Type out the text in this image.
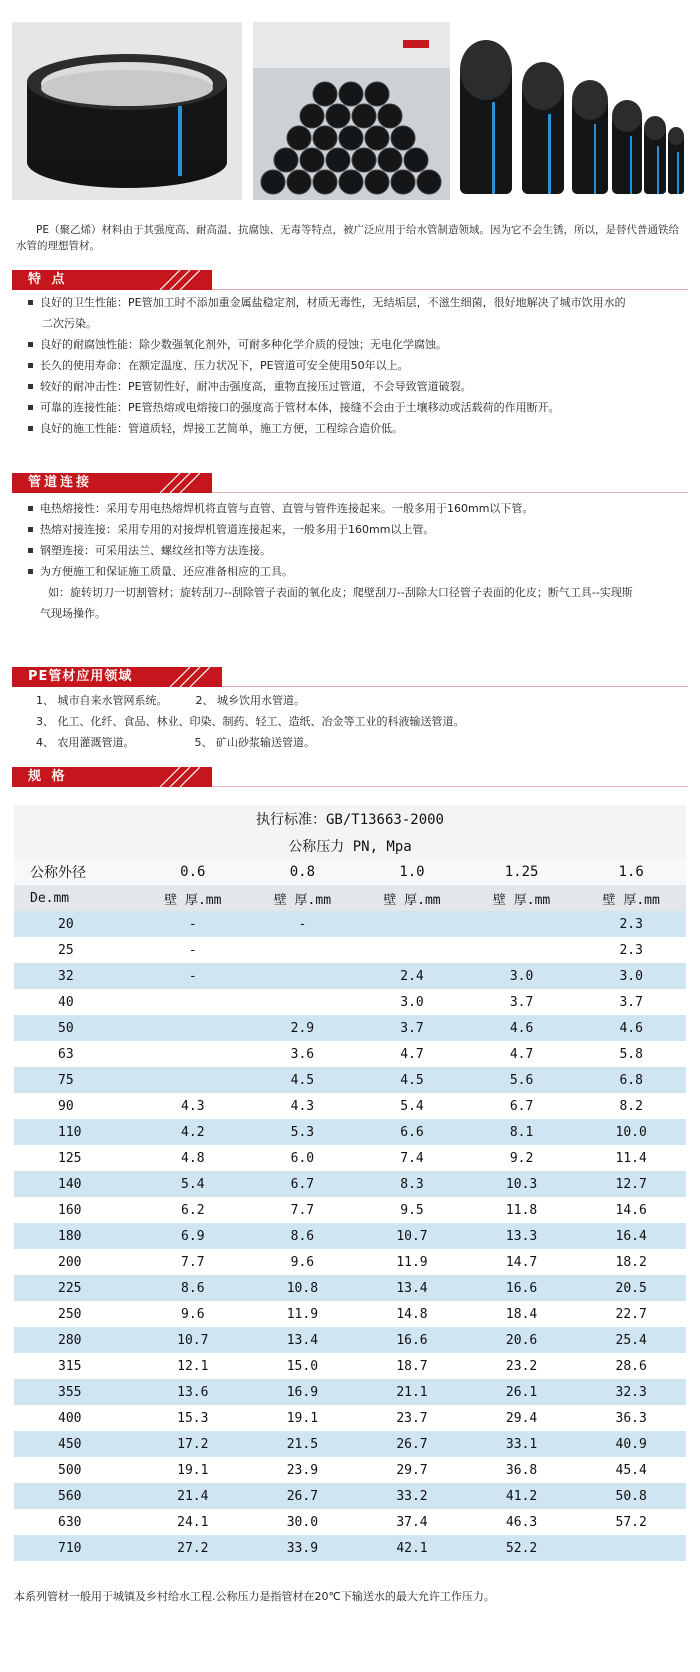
PE（聚乙烯）材料由于其强度高、耐高温、抗腐蚀、无毒等特点，被广泛应用于给水管制造领域。因为它不会生锈，所以，是替代普通铁给水管的理想管材。
特 点
良好的卫生性能：PE管加工时不添加重金属盐稳定剂，材质无毒性，无结垢层，不滋生细菌，很好地解决了城市饮用水的
二次污染。
良好的耐腐蚀性能：除少数强氧化剂外，可耐多种化学介质的侵蚀；无电化学腐蚀。
长久的使用寿命：在额定温度、压力状况下，PE管道可安全使用50年以上。
较好的耐冲击性：PE管韧性好，耐冲击强度高，重物直接压过管道，不会导致管道破裂。
可靠的连接性能：PE管热熔或电熔接口的强度高于管材本体，接缝不会由于土壤移动或活载荷的作用断开。
良好的施工性能：管道质轻，焊接工艺简单，施工方便，工程综合造价低。
管道连接
电热熔接性：采用专用电热熔焊机将直管与直管、直管与管件连接起来。一般多用于160mm以下管。
热熔对接连接：采用专用的对接焊机管道连接起来，一般多用于160mm以上管。
钢塑连接：可采用法兰、螺纹丝扣等方法连接。
为方便施工和保证施工质量、还应准备相应的工具。
如：旋转切刀一切割管材；旋转刮刀--刮除管子表面的氧化皮；爬壁刮刀--刮除大口径管子表面的化皮；断气工具--实现斯
气现场操作。
PE管材应用领域
1、 城市自来水管网系统。	2、 城乡饮用水管道。
3、 化工、化纤、食品、林业、印染、制药、轻工、造纸、冶金等工业的科液输送管道。
4、 农用灌溉管道。	5、 矿山砂浆输送管道。
规 格
执行标准：GB/T13663-2000					
公称压力 PN, Mpa					
公称外径	0.6	0.8	1.0	1.25	1.6
De.mm	壁 厚.mm	壁 厚.mm	壁 厚.mm	壁 厚.mm	壁 厚.mm
20	-	-			2.3
25	-				2.3
32	-		2.4	3.0	3.0
40			3.0	3.7	3.7
50		2.9	3.7	4.6	4.6
63		3.6	4.7	4.7	5.8
75		4.5	4.5	5.6	6.8
90	4.3	4.3	5.4	6.7	8.2
110	4.2	5.3	6.6	8.1	10.0
125	4.8	6.0	7.4	9.2	11.4
140	5.4	6.7	8.3	10.3	12.7
160	6.2	7.7	9.5	11.8	14.6
180	6.9	8.6	10.7	13.3	16.4
200	7.7	9.6	11.9	14.7	18.2
225	8.6	10.8	13.4	16.6	20.5
250	9.6	11.9	14.8	18.4	22.7
280	10.7	13.4	16.6	20.6	25.4
315	12.1	15.0	18.7	23.2	28.6
355	13.6	16.9	21.1	26.1	32.3
400	15.3	19.1	23.7	29.4	36.3
450	17.2	21.5	26.7	33.1	40.9
500	19.1	23.9	29.7	36.8	45.4
560	21.4	26.7	33.2	41.2	50.8
630	24.1	30.0	37.4	46.3	57.2
710	27.2	33.9	42.1	52.2	
本系列管材一般用于城镇及乡村给水工程.公称压力是指管材在20℃下输送水的最大允许工作压力。
